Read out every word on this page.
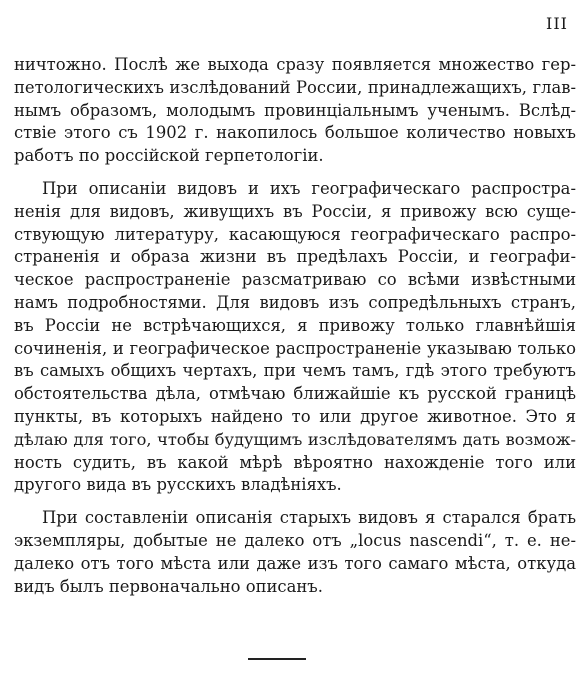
III
ничтожно. Послѣ же выхода сразу появляется множество гер-
петологическихъ изслѣдований России, принадлежащихъ, глав-
нымъ образомъ, молодымъ провинціальнымъ ученымъ. Вслѣд-
ствіе этого съ 1902 г. накопилось большое количество новыхъ
работъ по россійской герпетологіи.
При описаніи видовъ и ихъ географическаго распростра-
ненія для видовъ, живущихъ въ Россіи, я привожу всю суще-
ствующую литературу, касающуюся географическаго распро-
страненія и образа жизни въ предѣлахъ Россіи, и географи-
ческое распространеніе разсматриваю со всѣми извѣстными
намъ подробностями. Для видовъ изъ сопредѣльныхъ странъ,
въ Россіи не встрѣчающихся, я привожу только главнѣйшія
сочиненія, и географическое распространеніе указываю только
въ самыхъ общихъ чертахъ, при чемъ тамъ, гдѣ этого требуютъ
обстоятельства дѣла, отмѣчаю ближайшіе къ русской границѣ
пункты, въ которыхъ найдено то или другое животное. Это я
дѣлаю для того, чтобы будущимъ изслѣдователямъ дать возмож-
ность судить, въ какой мѣрѣ вѣроятно нахожденіе того или
другого вида въ русскихъ владѣніяхъ.
При составленіи описанія старыхъ видовъ я старался брать
экземпляры, добытые не далеко отъ „locus nascendi“, т. е. не-
далеко отъ того мѣста или даже изъ того самаго мѣста, откуда
видъ былъ первоначально описанъ.
